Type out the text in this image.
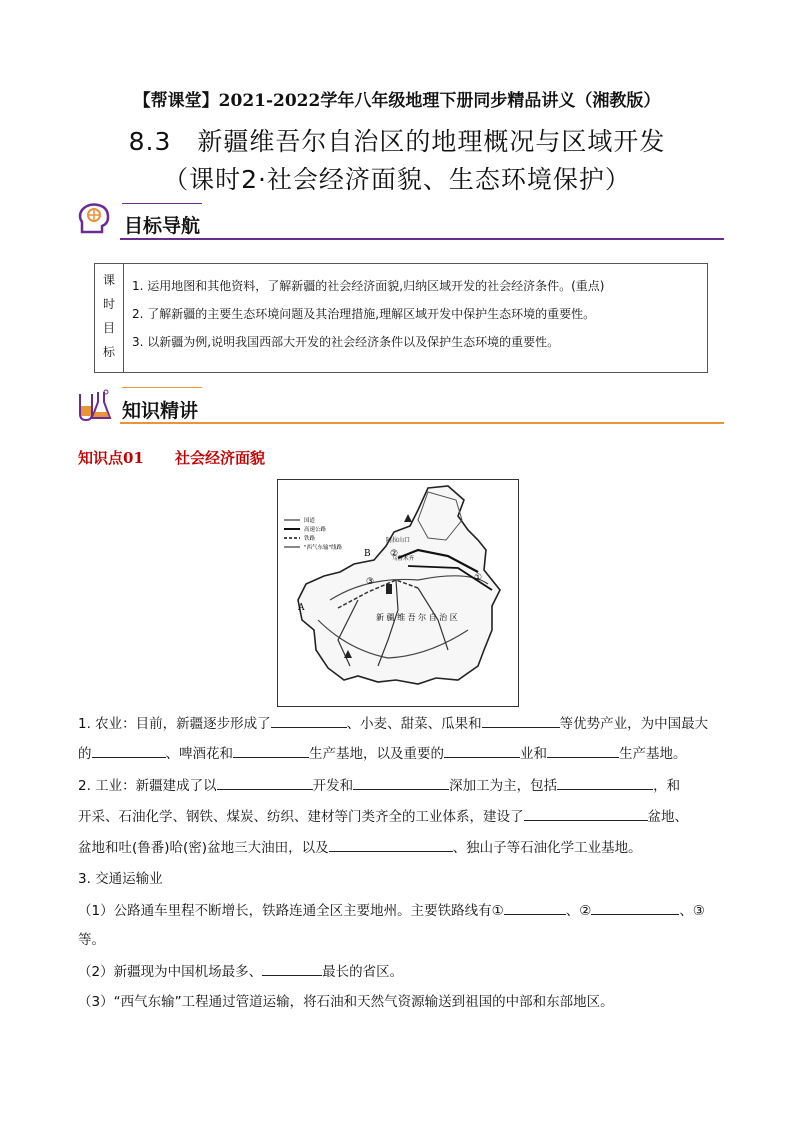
【帮课堂】2021-2022学年八年级地理下册同步精品讲义（湘教版）
8.3　新疆维吾尔自治区的地理概况与区域开发
（课时2·社会经济面貌、生态环境保护）
目标导航
课
时
目
标

1. 运用地图和其他资料，了解新疆的社会经济面貌,归纳区域开发的社会经济条件。(重点)
2. 了解新疆的主要生态环境问题及其治理措施,理解区域开发中保护生态环境的重要性。
3. 以新疆为例,说明我国西部大开发的社会经济条件以及保护生态环境的重要性。
知识精讲
知识点01 社会经济面貌
国道
高速公路
铁路
"西气东输"线路
新 疆 维 吾 尔 自 治 区
阿拉山口
乌鲁木齐
A
B
①
②
③
1. 农业：目前，新疆逐步形成了	、小麦、甜菜、瓜果和	等优势产业，为中国最大
的	、啤酒花和	生产基地，以及重要的	业和	生产基地。
2. 工业：新疆建成了以	开发和	深加工为主，包括	，和
开采、石油化学、钢铁、煤炭、纺织、建材等门类齐全的工业体系，建设了	盆地、
盆地和吐(鲁番)哈(密)盆地三大油田，以及	、独山子等石油化学工业基地。
3. 交通运输业
（1）公路通车里程不断增长，铁路连通全区主要地州。主要铁路线有①	、②	、③
等。
（2）新疆现为中国机场最多、	最长的省区。
（3）“西气东输”工程通过管道运输，将石油和天然气资源输送到祖国的中部和东部地区。
